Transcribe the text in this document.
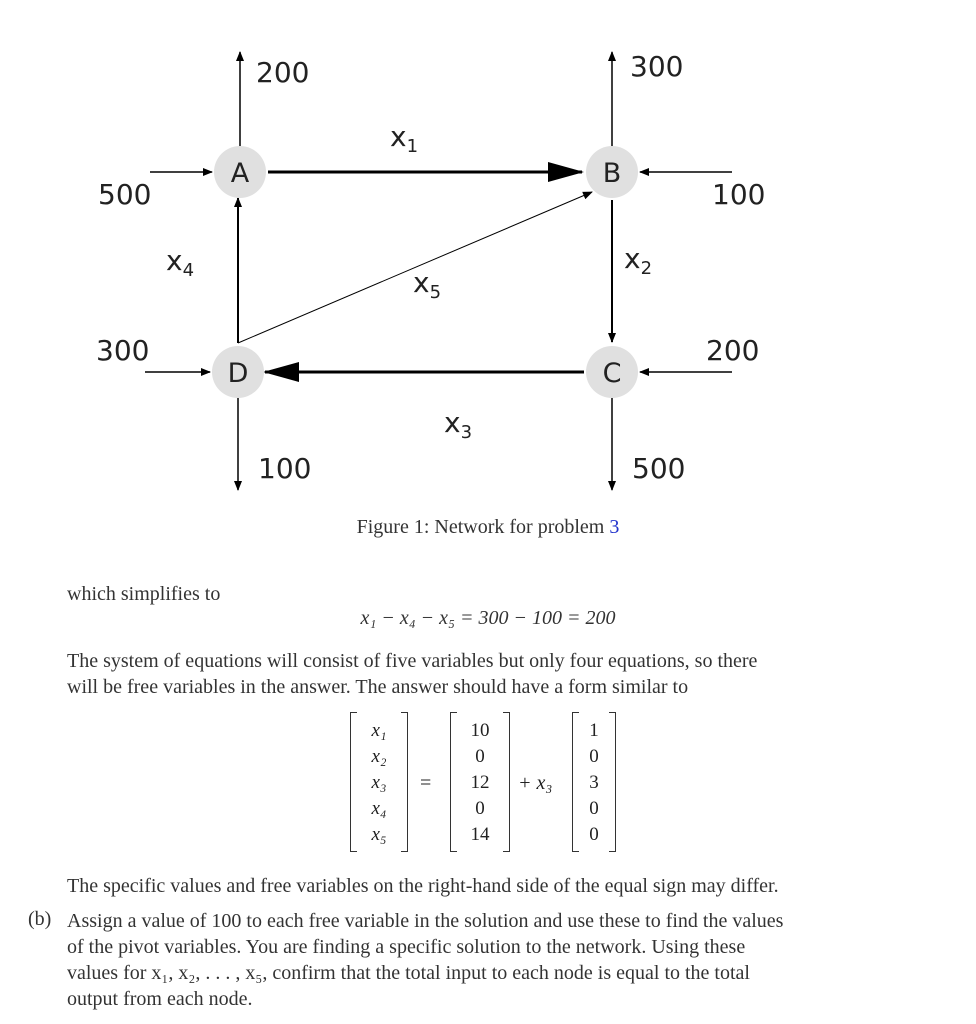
A	B
C
D
$x_1$
$x_2$
$x_3$
$x_4$	$x_5$
200
500
300
100
200
500
300
100
Figure 1: Network for problem 3
which simplifies to
x₁ − x₄ − x₅ = 300 − 100 = 200
The system of equations will consist of five variables but only four equations, so there
will be free variables in the answer. The answer should have a form similar to
x₁
x₂
x₃
x₄
x₅
=
10
0
12
0
14
+ x₃
1
0
3
0
0
The specific values and free variables on the right-hand side of the equal sign may differ.
(b) Assign a value of 100 to each free variable in the solution and use these to find the values
of the pivot variables. You are finding a specific solution to the network. Using these
values for x₁, x₂, . . . , x₅, confirm that the total input to each node is equal to the total
output from each node.
